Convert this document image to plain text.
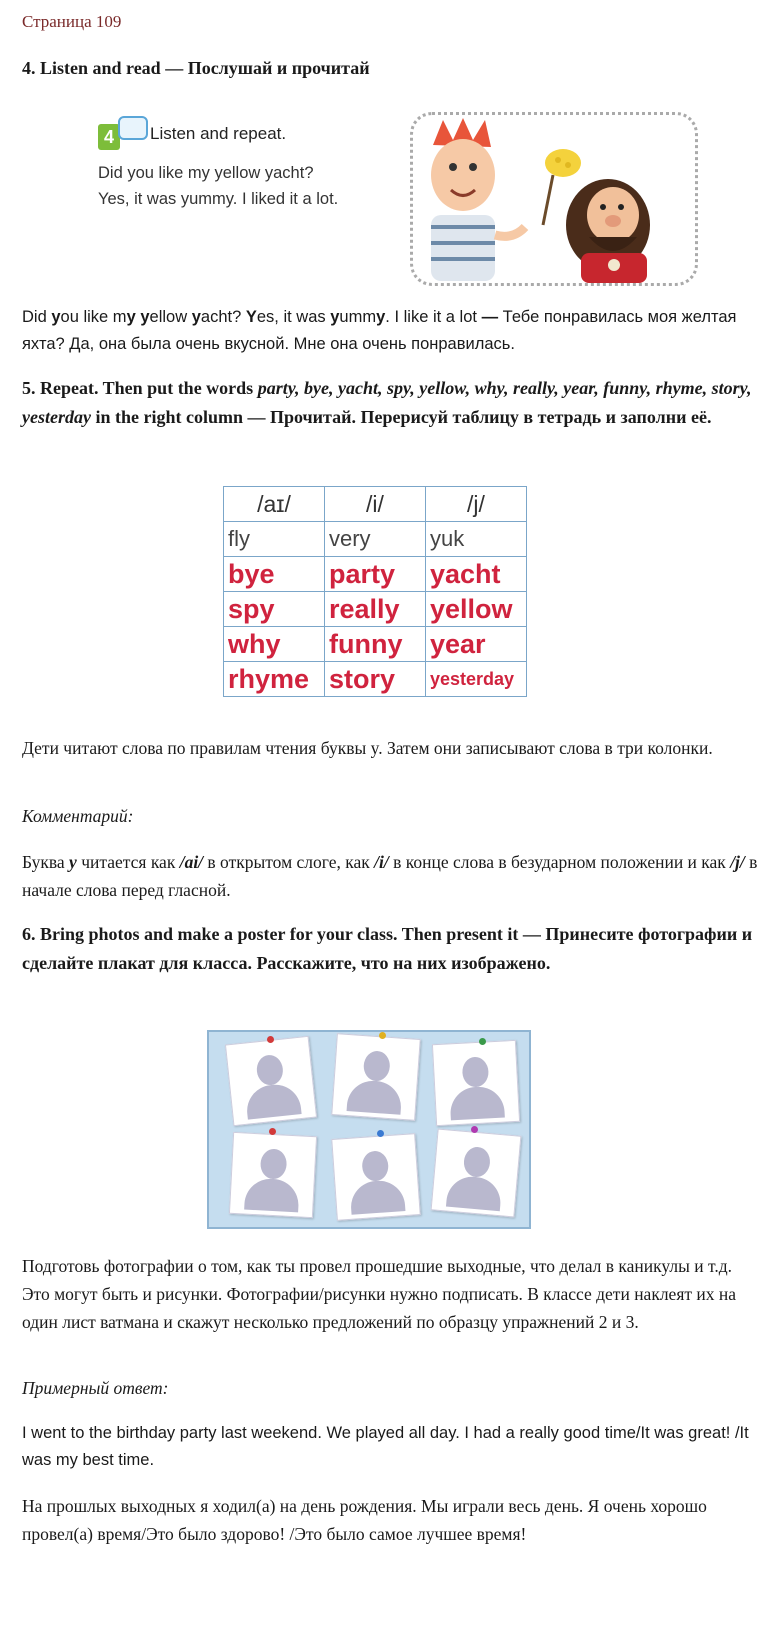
Страница 109
4. Listen and read — Послушай и прочитай
4	Listen and repeat.
Did you like my yellow yacht?
Yes, it was yummy. I liked it a lot.
Did you like my yellow yacht? Yes, it was yummy. I like it a lot — Тебе понравилась моя желтая яхта? Да, она была очень вкусной. Мне она очень понравилась.
5. Repeat. Then put the words party, bye, yacht, spy, yellow, why, really, year, funny, rhyme, story, yesterday in the right column — Прочитай. Перерисуй таблицу в тетрадь и заполни её.
/aɪ/	/i/	/j/
fly	very	yuk
bye	party	yacht
spy	really	yellow
why	funny	year
rhyme	story	yesterday
Дети читают слова по правилам чтения буквы y. Затем они записывают слова в три колонки.
Комментарий:
Буква y читается как /ai/ в открытом слоге, как /i/ в конце слова в безударном положении и как /j/ в начале слова перед гласной.
6. Bring photos and make a poster for your class. Then present it — Принесите фотографии и сделайте плакат для класса. Расскажите, что на них изображено.
Подготовь фотографии о том, как ты провел прошедшие выходные, что делал в каникулы и т.д. Это могут быть и рисунки. Фотографии/рисунки нужно подписать. В классе дети наклеят их на один лист ватмана и скажут несколько предложений по образцу упражнений 2 и 3.
Примерный ответ:
I went to the birthday party last weekend. We played all day. I had a really good time/It was great! /It was my best time.
На прошлых выходных я ходил(а) на день рождения. Мы играли весь день. Я очень хорошо провел(а) время/Это было здорово! /Это было самое лучшее время!
